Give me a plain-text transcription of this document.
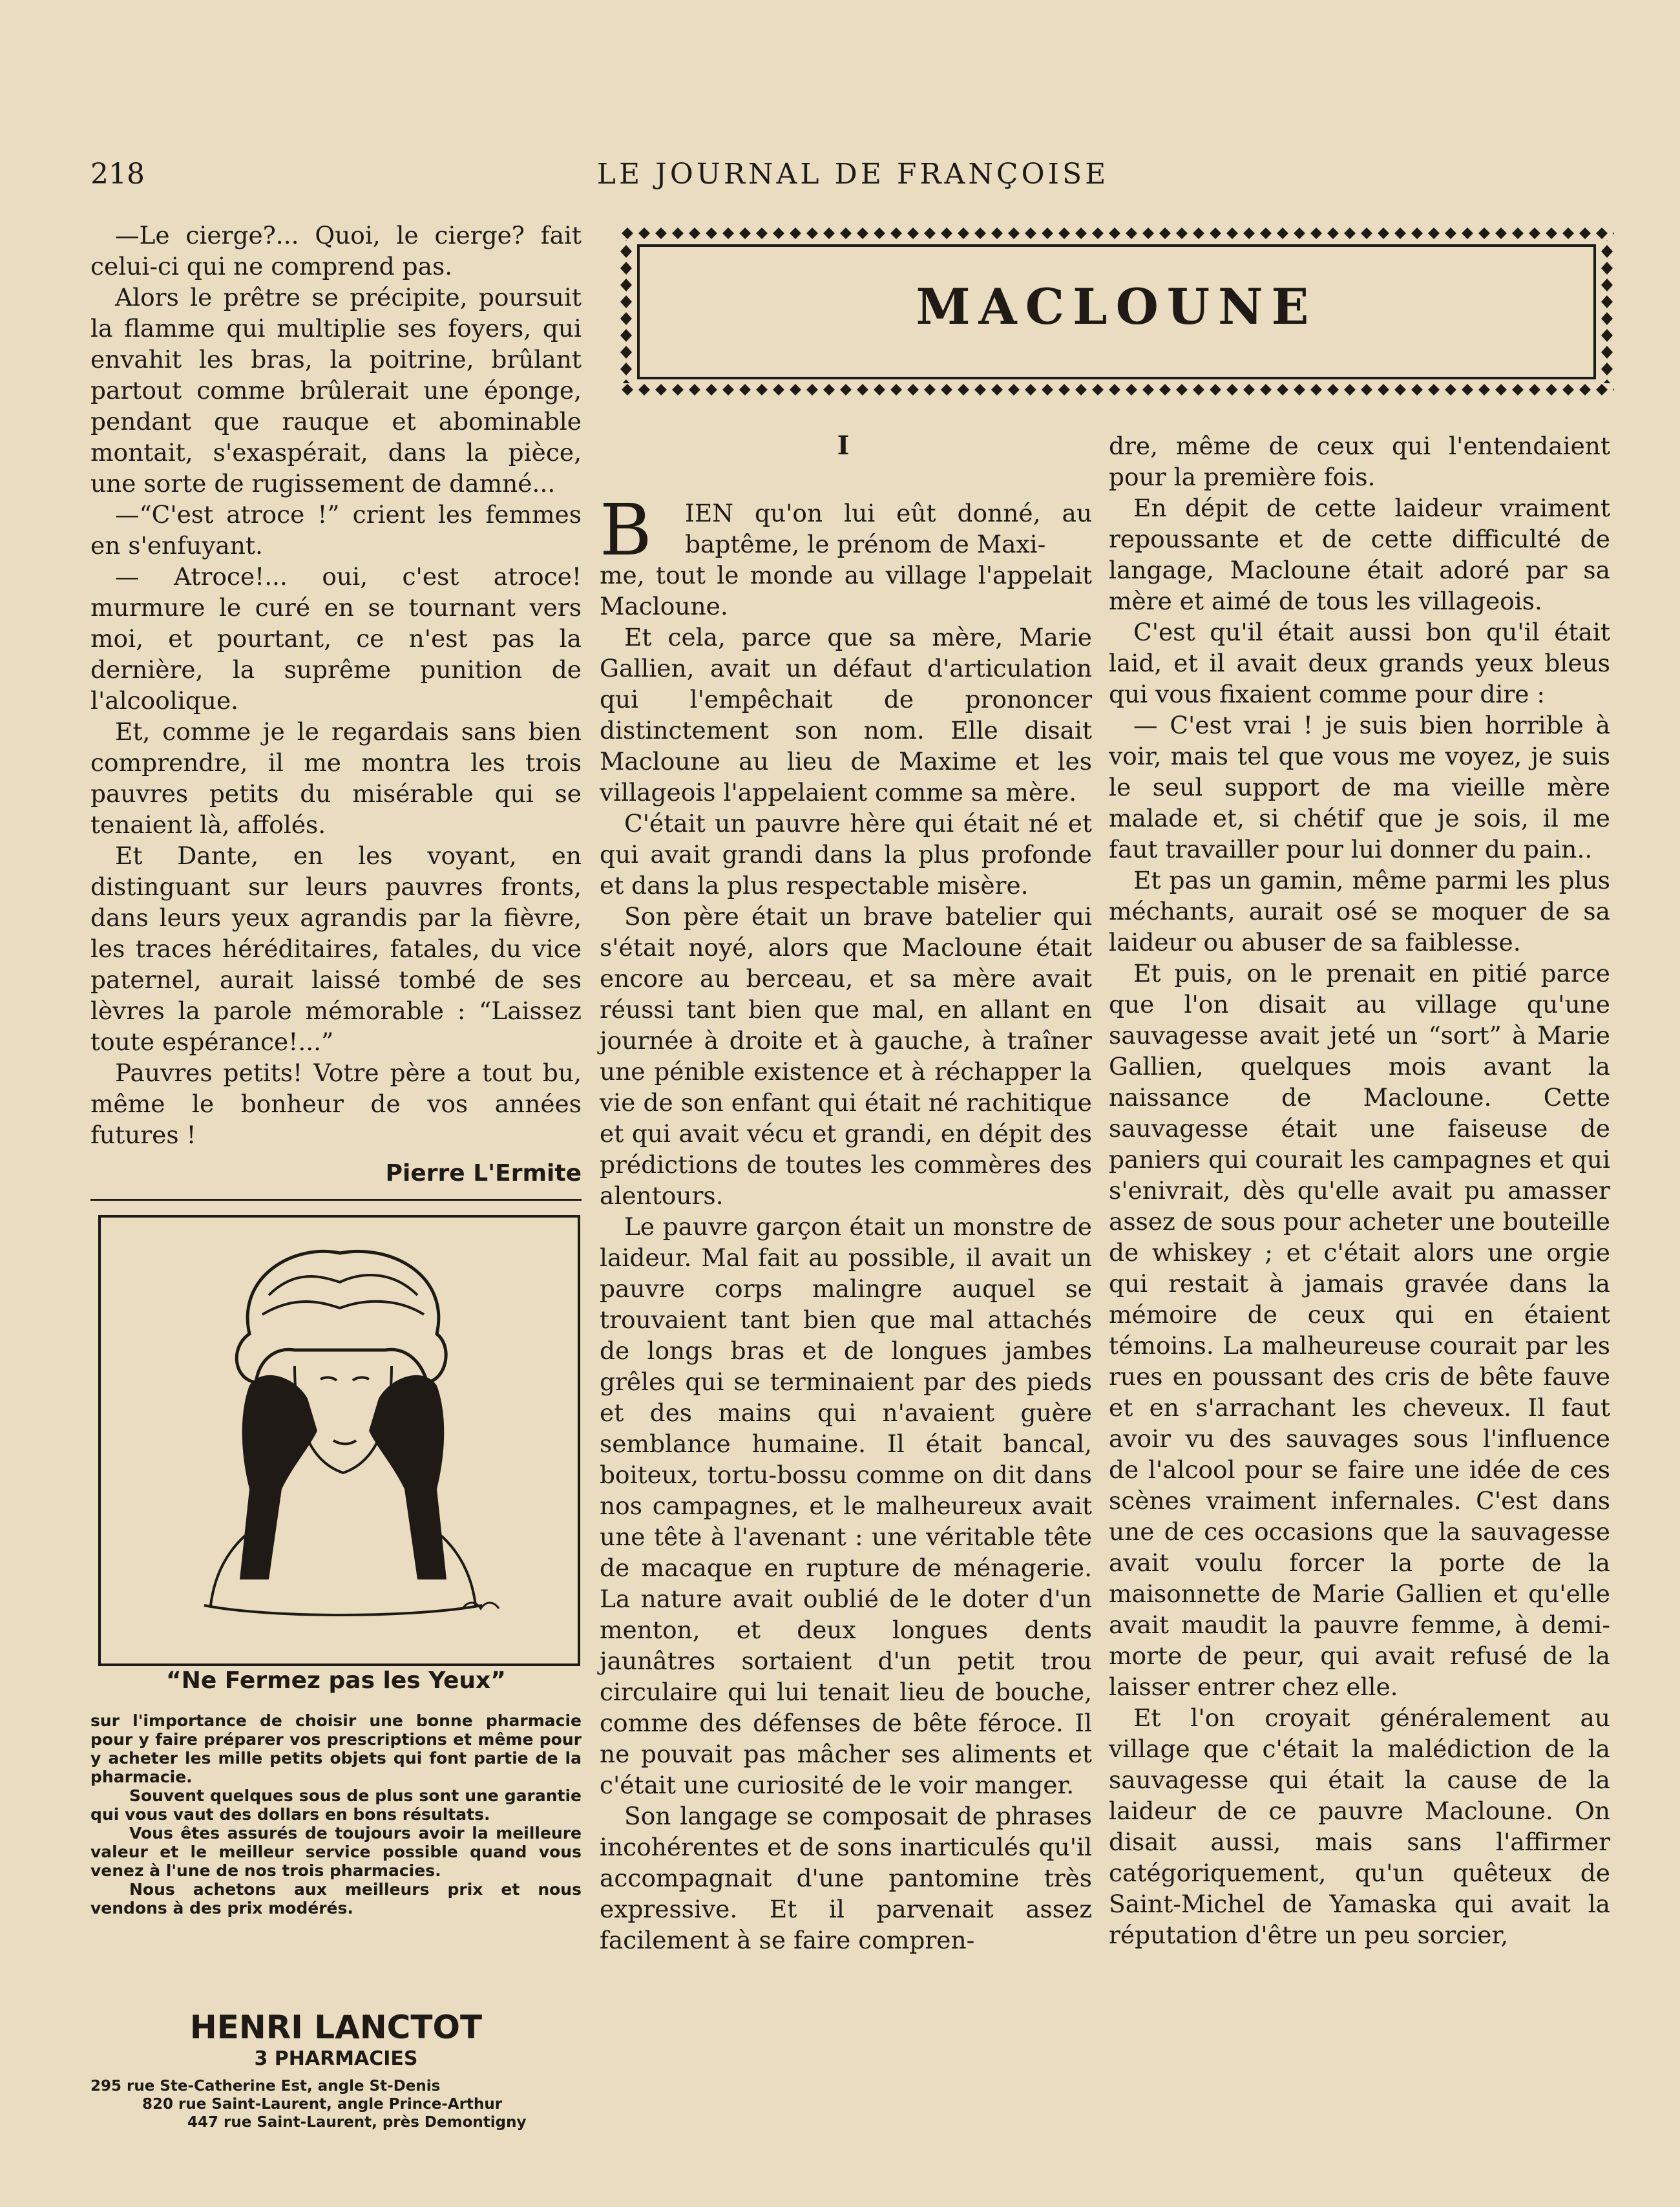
218	LE JOURNAL DE FRANÇOISE

—Le cierge?... Quoi, le cierge? fait celui-ci qui ne comprend pas.

Alors le prêtre se précipite, poursuit la flamme qui multiplie ses foyers, qui envahit les bras, la poitrine, brûlant partout comme brûlerait une éponge, pendant que rauque et abominable montait, s'exaspérait, dans la pièce, une sorte de rugissement de damné...

—“C'est atroce !” crient les femmes en s'enfuyant.

— Atroce!... oui, c'est atroce! murmure le curé en se tournant vers moi, et pourtant, ce n'est pas la dernière, la suprême punition de l'alcoolique.

Et, comme je le regardais sans bien comprendre, il me montra les trois pauvres petits du misérable qui se tenaient là, affolés.

Et Dante, en les voyant, en distinguant sur leurs pauvres fronts, dans leurs yeux agrandis par la fièvre, les traces héréditaires, fatales, du vice paternel, aurait laissé tombé de ses lèvres la parole mémorable : “Laissez toute espérance!...”

Pauvres petits! Votre père a tout bu, même le bonheur de vos années futures !

Pierre L'Ermite

“Ne Fermez pas les Yeux”

sur l'importance de choisir une bonne pharmacie pour y faire préparer vos prescriptions et même pour y acheter les mille petits objets qui font partie de la pharmacie.

Souvent quelques sous de plus sont une garantie qui vous vaut des dollars en bons résultats.

Vous êtes assurés de toujours avoir la meilleure valeur et le meilleur service possible quand vous venez à l'une de nos trois pharmacies.

Nous achetons aux meilleurs prix et nous vendons à des prix modérés.

HENRI LANCTOT
3 PHARMACIES
295 rue Ste-Catherine Est, angle St-Denis
820 rue Saint-Laurent, angle Prince-Arthur
447 rue Saint-Laurent, près Demontigny
MACLOUNE
I
B IEN qu'on lui eût donné, au baptême, le prénom de Maxi-
me, tout le monde au village l'appelait Macloune.

Et cela, parce que sa mère, Marie Gallien, avait un défaut d'articulation qui l'empêchait de prononcer distinctement son nom. Elle disait Macloune au lieu de Maxime et les villageois l'appelaient comme sa mère.

C'était un pauvre hère qui était né et qui avait grandi dans la plus profonde et dans la plus respectable misère.

Son père était un brave batelier qui s'était noyé, alors que Macloune était encore au berceau, et sa mère avait réussi tant bien que mal, en allant en journée à droite et à gauche, à traîner une pénible existence et à réchapper la vie de son enfant qui était né rachitique et qui avait vécu et grandi, en dépit des prédictions de toutes les commères des alentours.

Le pauvre garçon était un monstre de laideur. Mal fait au possible, il avait un pauvre corps malingre auquel se trouvaient tant bien que mal attachés de longs bras et de longues jambes grêles qui se terminaient par des pieds et des mains qui n'avaient guère semblance humaine. Il était bancal, boiteux, tortu-bossu comme on dit dans nos campagnes, et le malheureux avait une tête à l'avenant : une véritable tête de macaque en rupture de ménagerie. La nature avait oublié de le doter d'un menton, et deux longues dents jaunâtres sortaient d'un petit trou circulaire qui lui tenait lieu de bouche, comme des défenses de bête féroce. Il ne pouvait pas mâcher ses aliments et c'était une curiosité de le voir manger.

Son langage se composait de phrases incohérentes et de sons inarticulés qu'il accompagnait d'une pantomine très expressive. Et il parvenait assez facilement à se faire compren-

dre, même de ceux qui l'entendaient pour la première fois.

En dépit de cette laideur vraiment repoussante et de cette difficulté de langage, Macloune était adoré par sa mère et aimé de tous les villageois.

C'est qu'il était aussi bon qu'il était laid, et il avait deux grands yeux bleus qui vous fixaient comme pour dire :

— C'est vrai ! je suis bien horrible à voir, mais tel que vous me voyez, je suis le seul support de ma vieille mère malade et, si chétif que je sois, il me faut travailler pour lui donner du pain..

Et pas un gamin, même parmi les plus méchants, aurait osé se moquer de sa laideur ou abuser de sa faiblesse.

Et puis, on le prenait en pitié parce que l'on disait au village qu'une sauvagesse avait jeté un “sort” à Marie Gallien, quelques mois avant la naissance de Macloune. Cette sauvagesse était une faiseuse de paniers qui courait les campagnes et qui s'enivrait, dès qu'elle avait pu amasser assez de sous pour acheter une bouteille de whiskey ; et c'était alors une orgie qui restait à jamais gravée dans la mémoire de ceux qui en étaient témoins. La malheureuse courait par les rues en poussant des cris de bête fauve et en s'arrachant les cheveux. Il faut avoir vu des sauvages sous l'influence de l'alcool pour se faire une idée de ces scènes vraiment infernales. C'est dans une de ces occasions que la sauvagesse avait voulu forcer la porte de la maisonnette de Marie Gallien et qu'elle avait maudit la pauvre femme, à demi-morte de peur, qui avait refusé de la laisser entrer chez elle.

Et l'on croyait généralement au village que c'était la malédiction de la sauvagesse qui était la cause de la laideur de ce pauvre Macloune. On disait aussi, mais sans l'affirmer catégoriquement, qu'un quêteux de Saint-Michel de Yamaska qui avait la réputation d'être un peu sorcier,
